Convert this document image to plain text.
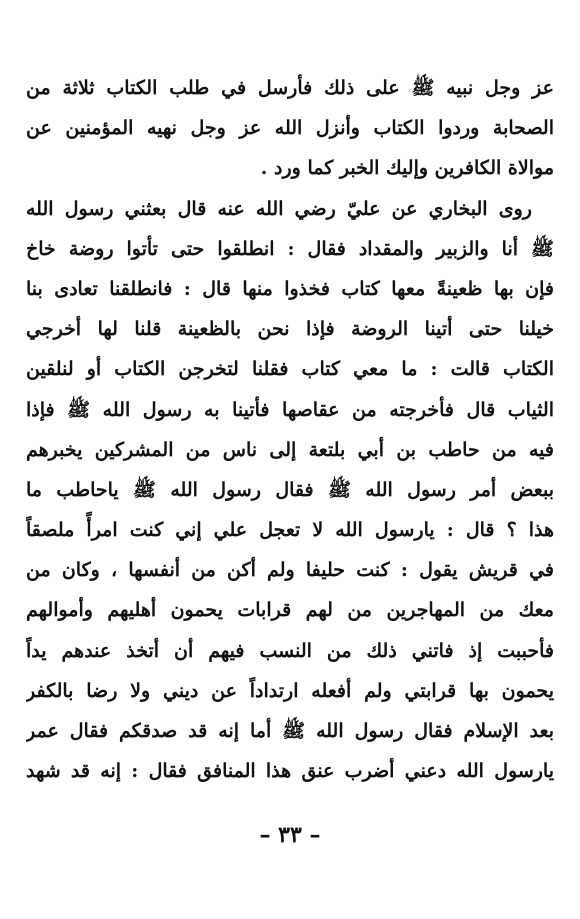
عز وجل نبيه ﷺ على ذلك فأرسل في طلب الكتاب ثلاثة من
الصحابة وردوا الكتاب وأنزل الله عز وجل نهيه المؤمنين عن
موالاة الكافرين وإليك الخبر كما ورد .
روى البخاري عن عليّ رضي الله عنه قال بعثني رسول الله
ﷺ أنا والزبير والمقداد فقال : انطلقوا حتى تأتوا روضة خاخ
فإن بها ظعينةً معها كتاب فخذوا منها قال : فانطلقنا تعادى بنا
خيلنا حتى أتينا الروضة فإذا نحن بالظعينة قلنا لها أخرجي
الكتاب قالت : ما معي كتاب فقلنا لتخرجن الكتاب أو لنلقين
الثياب قال فأخرجته من عقاصها فأتينا به رسول الله ﷺ فإذا
فيه من حاطب بن أبي بلتعة إلى ناس من المشركين يخبرهم
ببعض أمر رسول الله ﷺ فقال رسول الله ﷺ ياحاطب ما
هذا ؟ قال : يارسول الله لا تعجل علي إني كنت امرأً ملصقاً
في قريش يقول : كنت حليفا ولم أكن من أنفسها ، وكان من
معك من المهاجرين من لهم قرابات يحمون أهليهم وأموالهم
فأحببت إذ فاتني ذلك من النسب فيهم أن أتخذ عندهم يداً
يحمون بها قرابتي ولم أفعله ارتداداً عن ديني ولا رضا بالكفر
بعد الإسلام فقال رسول الله ﷺ أما إنه قد صدقكم فقال عمر
يارسول الله دعني أضرب عنق هذا المنافق فقال : إنه قد شهد
– ٣٣ –
